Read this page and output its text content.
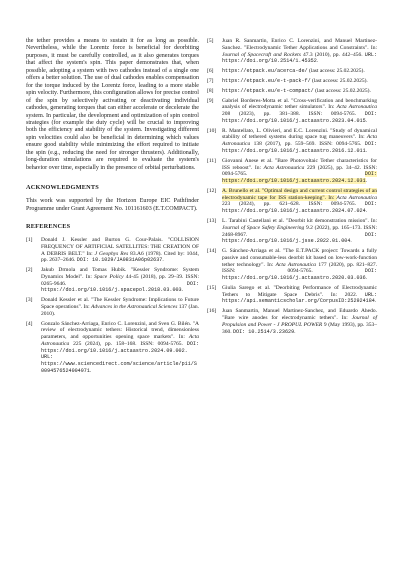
the tether provides a means to sustain it for as long as possible. Nevertheless, while the Lorentz force is beneficial for deorbiting purposes, it must be carefully controlled, as it also generates torques that affect the system's spin. This paper demonstrates that, when possible, adopting a system with two cathodes instead of a single one offers a better solution. The use of dual cathodes enables compensation for the torque induced by the Lorentz force, leading to a more stable spin velocity. Furthermore, this configuration allows for precise control of the spin by selectively activating or deactivating individual cathodes, generating torques that can either accelerate or decelerate the system. In particular, the development and optimization of spin control strategies (for example the duty cycle) will be crucial to improving both the efficiency and stability of the system. Investigating different spin velocities could also be beneficial in determining which values ensure good stability while minimizing the effort required to initiate the spin (e.g., reducing the need for stronger thrusters). Additionally, long-duration simulations are required to evaluate the system's behavior over time, especially in the presence of orbital perturbations.

ACKNOWLEDGMENTS

This work was supported by the Horizon Europe EIC Pathfinder Programme under Grant Agreement No. 101161603 (E.T.COMPACT).

REFERENCES
[1]	Donald J. Kessler and Burton G. Cour-Palais. "COLLISION FREQUENCY OF ARTIFICIAL SATELLITES: THE CREATION OF A DEBRIS BELT." In: J Geophys Res 83.A6 (1978). Cited by: 1044, pp. 2637–2646. DOI: 10.1029/JA083iA06p02637.
[2]	Jakub Drmola and Tomas Hubik. "Kessler Syndrome: System Dynamics Model". In: Space Policy 44-45 (2018), pp. 29–39. ISSN: 0265-9646. DOI: https://doi.org/10.1016/j.spacepol.2018.03.003.
[3]	Donald Kessler et al. "The Kessler Syndrome: Implications to Future Space operations". In: Advances in the Astronautical Sciences 137 (Jan. 2010).
[4]	Gonzalo Sánchez-Arriaga, Enrico C. Lorenzini, and Sven G. Bilén. "A review of electrodynamic tethers: Historical trend, dimensionless parameters, and opportunities opening space markets". In: Acta Astronautica 225 (2024), pp. 158–168. ISSN: 0094-5765. DOI: https://doi.org/10.1016/j.actaastro.2024.09.002. URL: https://www.sciencedirect.com/science/article/pii/S0094576524004971.
[5]	Juan R. Sanmartin, Enrico C. Lorenzini, and Manuel Martinez-Sanchez. "Electrodynamic Tether Applications and Constraints". In: Journal of Spacecraft and Rockets 47.3 (2010), pp. 442–456. URL: https://doi.org/10.2514/1.45352.
[6]	https://etpack.eu/acerca-de/ (last access: 25.02.2025).
[7]	https://etpack.eu/e-t-pack-f/ (last access: 25.02.2025).
[8]	https://etpack.eu/e-t-compact/ (last access: 25.02.2025).
[9]	Gabriel Borderes-Motta et al. "Cross-verification and benchmarking analysis of electrodynamic tether simulators". In: Acta Astronautica 208 (2023), pp. 381–388. ISSN: 0094-5765. DOI: https://doi.org/10.1016/j.actaastro.2023.04.015.
[10]	R. Mantellato, L. Olivieri, and E.C. Lorenzini. "Study of dynamical stability of tethered systems during space tug maneuvers". In: Acta Astronautica 138 (2017), pp. 559–569. ISSN: 0094-5765. DOI: https://doi.org/10.1016/j.actaastro.2016.12.011.
[11]	Giovanni Anese et al. "Bare Photovoltaic Tether characteristics for ISS reboost". In: Acta Astronautica 229 (2025), pp. 34–42. ISSN: 0094-5765. DOI: https://doi.org/10.1016/j.actaastro.2024.12.031.
[12]	A. Brunello et al. "Optimal design and current control strategies of an electrodynamic tape for ISS station-keeping". In: Acta Astronautica 223 (2024), pp. 621–628. ISSN: 0094-5765. DOI: https://doi.org/10.1016/j.actaastro.2024.07.024.
[13]	L. Tarabini Castellani et al. "Deorbit kit demonstration mission". In: Journal of Space Safety Engineering 9.2 (2022), pp. 165–173. ISSN: 2468-8967. DOI: https://doi.org/10.1016/j.jsse.2022.01.004.
[14]	G. Sánchez-Arriaga et al. "The E.T.PACK project: Towards a fully passive and consumable-less deorbit kit based on low-work-function tether technology". In: Acta Astronautica 177 (2020), pp. 821–827. ISSN: 0094-5765. DOI: https://doi.org/10.1016/j.actaastro.2020.03.036.
[15]	Giulia Sarego et al. "Deorbiting Performance of Electrodynamic Tethers to Mitigate Space Debris". In: 2022. URL: https://api.semanticscholar.org/CorpusID:252924184.
[16]	Juan Sanmartin, Manuel Martinez-Sanchez, and Eduardo Ahedo. "Bare wire anodes for electrodynamic tethers". In: Journal of Propulsion and Power - J PROPUL POWER 9 (May 1993), pp. 353–360. DOI: 10.2514/3.23629.
